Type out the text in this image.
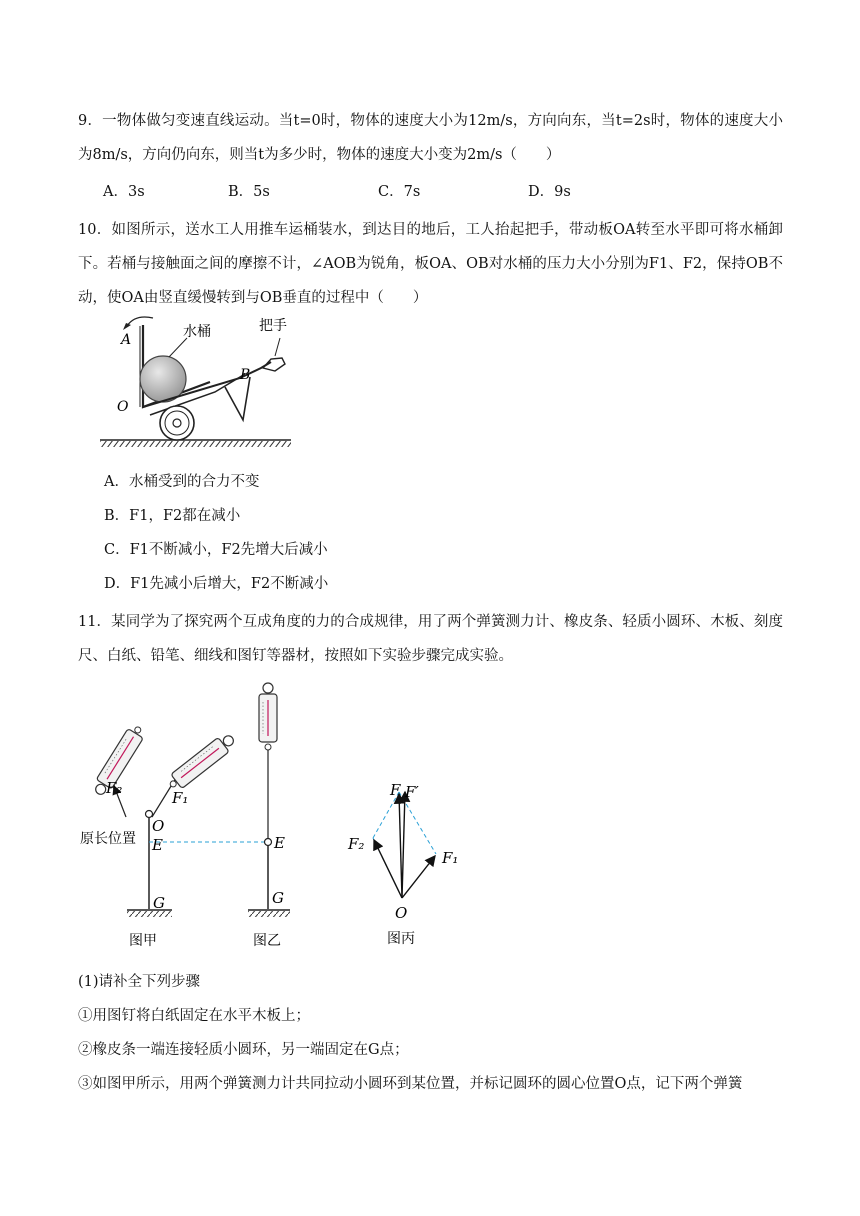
9．一物体做匀变速直线运动。当t=0时，物体的速度大小为12m/s，方向向东，当t=2s时，物体的速度大小为8m/s，方向仍向东，则当t为多少时，物体的速度大小变为2m/s（　　）
A．3s	B．5s	C．7s	D．9s
10．如图所示，送水工人用推车运桶装水，到达目的地后，工人抬起把手，带动板OA转至水平即可将水桶卸下。若桶与接触面之间的摩擦不计，∠AOB为锐角，板OA、OB对水桶的压力大小分别为F1、F2，保持OB不动，使OA由竖直缓慢转到与OB垂直的过程中（　　）
水桶	把手
A
B
O
A．水桶受到的合力不变
B．F1，F2都在减小
C．F1不断减小，F2先增大后减小
D．F1先减小后增大，F2不断减小
11．某同学为了探究两个互成角度的力的合成规律，用了两个弹簧测力计、橡皮条、轻质小圆环、木板、刻度尺、白纸、铅笔、细线和图钉等器材，按照如下实验步骤完成实验。
F₂
F₁
O
原长位置 E
G
图甲
E
G
图乙
F F′
F₂
F₁
O
图丙
(1)请补全下列步骤
①用图钉将白纸固定在水平木板上；
②橡皮条一端连接轻质小圆环，另一端固定在G点；
③如图甲所示，用两个弹簧测力计共同拉动小圆环到某位置，并标记圆环的圆心位置O点，记下两个弹簧
